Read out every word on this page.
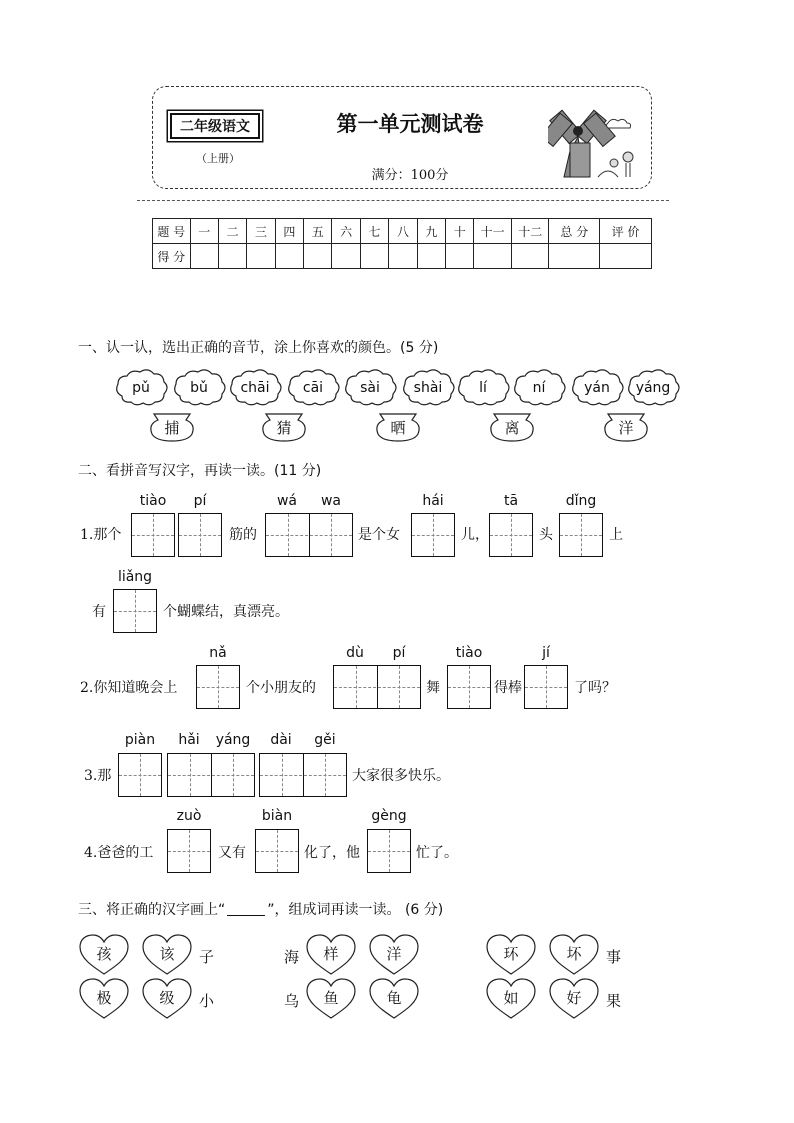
二年级语文
（上册）
第一单元测试卷
满分：100分
题 号	一	二	三	四	五	六	七	八	九	十	十一	十二	总 分	评 价
得 分														
一、认一认，选出正确的音节，涂上你喜欢的颜色。(5 分)
pǔ	bǔ chāi cāi	sài shài	lí	ní	yán yáng
捕	猜	晒	离	洋
二、看拼音写汉字，再读一读。(11 分)
tiào	pí	wá	wa	hái	tā	dǐng
1.那个	筋的	是个女	儿，	头	上
liǎng
有	个蝴蝶结，真漂亮。
nǎ	dù	pí	tiào	jí
2.你知道晚会上	个小朋友的	舞	得棒	了吗？
piàn	hǎi	yáng	dài	gěi
3.那	大家很多快乐。
zuò	biàn	gèng
4.爸爸的工	又有	化了，他	忙了。
三、将正确的汉字画上“	”，组成词再读一读。 (6 分)
孩	该 子
极	级 小
海 样	洋
乌 鱼	龟
环	坏 事
如	好 果
